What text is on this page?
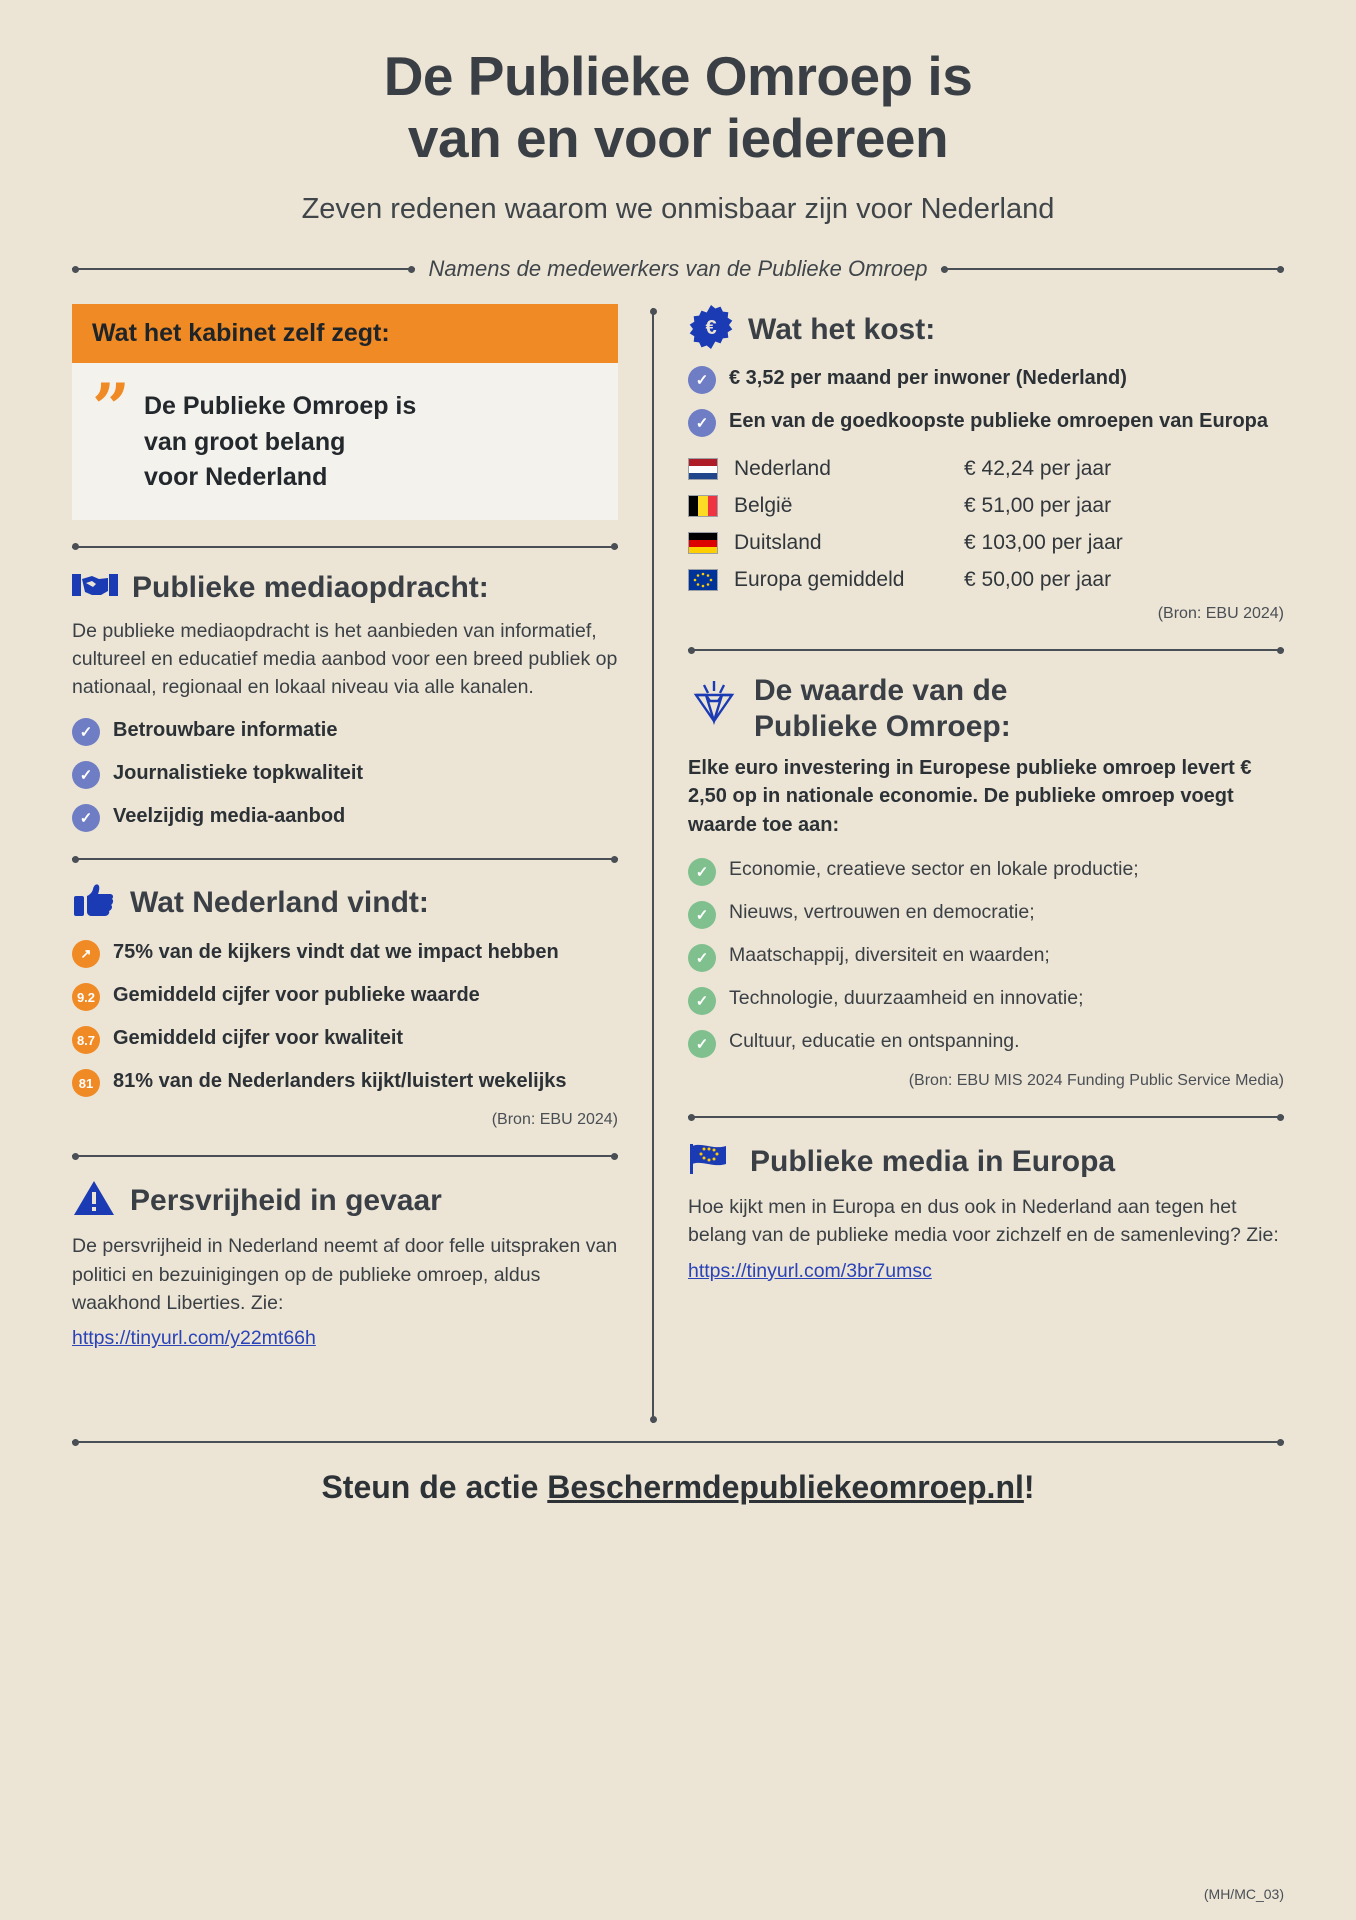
De Publieke Omroep is
van en voor iedereen
Zeven redenen waarom we onmisbaar zijn voor Nederland
Namens de medewerkers van de Publieke Omroep
Wat het kabinet zelf zegt:
” De Publieke Omroep is
van groot belang
voor Nederland
Publieke mediaopdracht:
De publieke mediaopdracht is het aanbieden van informatief, cultureel en educatief media aanbod voor een breed publiek op nationaal, regionaal en lokaal niveau via alle kanalen.
✓	Betrouwbare informatie
✓	Journalistieke topkwaliteit
✓	Veelzijdig media-aanbod
Wat Nederland vindt:
↗	75% van de kijkers vindt dat we impact hebben
9.2 Gemiddeld cijfer voor publieke waarde
8.7 Gemiddeld cijfer voor kwaliteit
81 81% van de Nederlanders kijkt/luistert wekelijks
(Bron: EBU 2024)
Persvrijheid in gevaar
De persvrijheid in Nederland neemt af door felle uitspraken van politici en bezuinigingen op de publieke omroep, aldus waakhond Liberties. Zie:
https://tinyurl.com/y22mt66h
€ Wat het kost:
✓	€ 3,52 per maand per inwoner (Nederland)
✓	Een van de goedkoopste publieke omroepen van Europa
Nederland	€ 42,24 per jaar
België	€ 51,00 per jaar
Duitsland	€ 103,00 per jaar
Europa gemiddeld	€ 50,00 per jaar
(Bron: EBU 2024)
De waarde van de
Publieke Omroep:
Elke euro investering in Europese publieke omroep levert € 2,50 op in nationale economie. De publieke omroep voegt waarde toe aan:
✓	Economie, creatieve sector en lokale productie;
✓	Nieuws, vertrouwen en democratie;
✓	Maatschappij, diversiteit en waarden;
✓	Technologie, duurzaamheid en innovatie;
✓	Cultuur, educatie en ontspanning.
(Bron: EBU MIS 2024 Funding Public Service Media)
Publieke media in Europa
Hoe kijkt men in Europa en dus ook in Nederland aan tegen het belang van de publieke media voor zichzelf en de samenleving? Zie:
https://tinyurl.com/3br7umsc
Steun de actie Beschermdepubliekeomroep.nl!
(MH/MC_03)
